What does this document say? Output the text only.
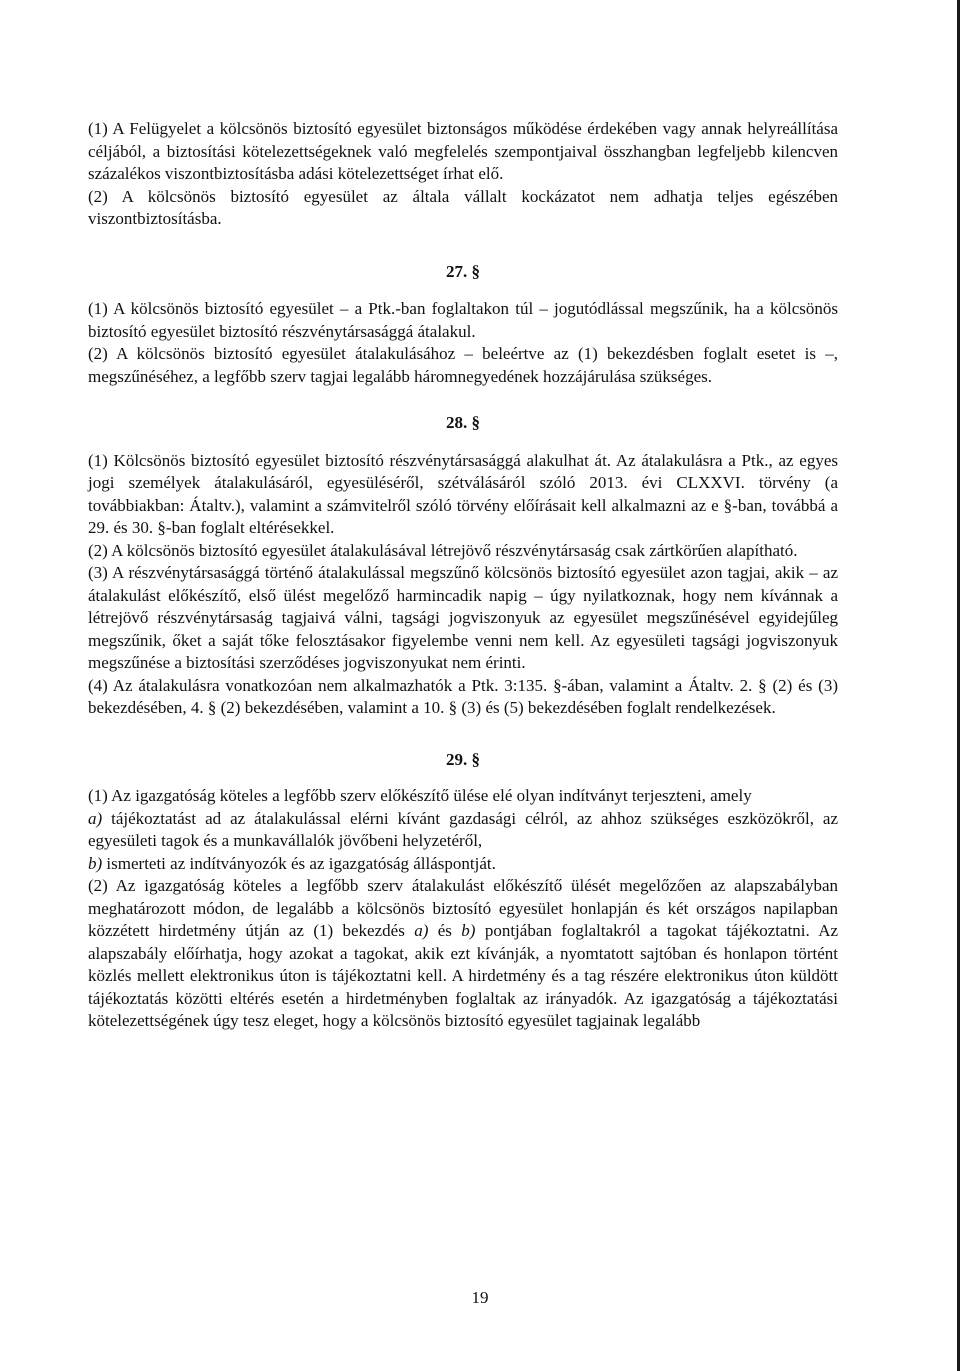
(1) A Felügyelet a kölcsönös biztosító egyesület biztonságos működése érdekében vagy annak helyreállítása céljából, a biztosítási kötelezettségeknek való megfelelés szempontjaival összhangban legfeljebb kilencven százalékos viszontbiztosításba adási kötelezettséget írhat elő.

(2) A kölcsönös biztosító egyesület az általa vállalt kockázatot nem adhatja teljes egészében viszontbiztosításba.

27. §

(1) A kölcsönös biztosító egyesület – a Ptk.-ban foglaltakon túl – jogutódlással megszűnik, ha a kölcsönös biztosító egyesület biztosító részvénytársasággá átalakul.

(2) A kölcsönös biztosító egyesület átalakulásához – beleértve az (1) bekezdésben foglalt esetet is –, megszűnéséhez, a legfőbb szerv tagjai legalább háromnegyedének hozzájárulása szükséges.

28. §

(1) Kölcsönös biztosító egyesület biztosító részvénytársasággá alakulhat át. Az átalakulásra a Ptk., az egyes jogi személyek átalakulásáról, egyesüléséről, szétválásáról szóló 2013. évi CLXXVI. törvény (a továbbiakban: Átaltv.), valamint a számvitelről szóló törvény előírásait kell alkalmazni az e §-ban, továbbá a 29. és 30. §-ban foglalt eltérésekkel.

(2) A kölcsönös biztosító egyesület átalakulásával létrejövő részvénytársaság csak zártkörűen alapítható.

(3) A részvénytársasággá történő átalakulással megszűnő kölcsönös biztosító egyesület azon tagjai, akik – az átalakulást előkészítő, első ülést megelőző harmincadik napig – úgy nyilatkoznak, hogy nem kívánnak a létrejövő részvénytársaság tagjaivá válni, tagsági jogviszonyuk az egyesület megszűnésével egyidejűleg megszűnik, őket a saját tőke felosztásakor figyelembe venni nem kell. Az egyesületi tagsági jogviszonyuk megszűnése a biztosítási szerződéses jogviszonyukat nem érinti.

(4) Az átalakulásra vonatkozóan nem alkalmazhatók a Ptk. 3:135. §-ában, valamint a Átaltv. 2. § (2) és (3) bekezdésében, 4. § (2) bekezdésében, valamint a 10. § (3) és (5) bekezdésében foglalt rendelkezések.

29. §

(1) Az igazgatóság köteles a legfőbb szerv előkészítő ülése elé olyan indítványt terjeszteni, amely

a) tájékoztatást ad az átalakulással elérni kívánt gazdasági célról, az ahhoz szükséges eszközökről, az egyesületi tagok és a munkavállalók jövőbeni helyzetéről,

b) ismerteti az indítványozók és az igazgatóság álláspontját.

(2) Az igazgatóság köteles a legfőbb szerv átalakulást előkészítő ülését megelőzően az alapszabályban meghatározott módon, de legalább a kölcsönös biztosító egyesület honlapján és két országos napilapban közzétett hirdetmény útján az (1) bekezdés a) és b) pontjában foglaltakról a tagokat tájékoztatni. Az alapszabály előírhatja, hogy azokat a tagokat, akik ezt kívánják, a nyomtatott sajtóban és honlapon történt közlés mellett elektronikus úton is tájékoztatni kell. A hirdetmény és a tag részére elektronikus úton küldött tájékoztatás közötti eltérés esetén a hirdetményben foglaltak az irányadók. Az igazgatóság a tájékoztatási kötelezettségének úgy tesz eleget, hogy a kölcsönös biztosító egyesület tagjainak legalább

19
